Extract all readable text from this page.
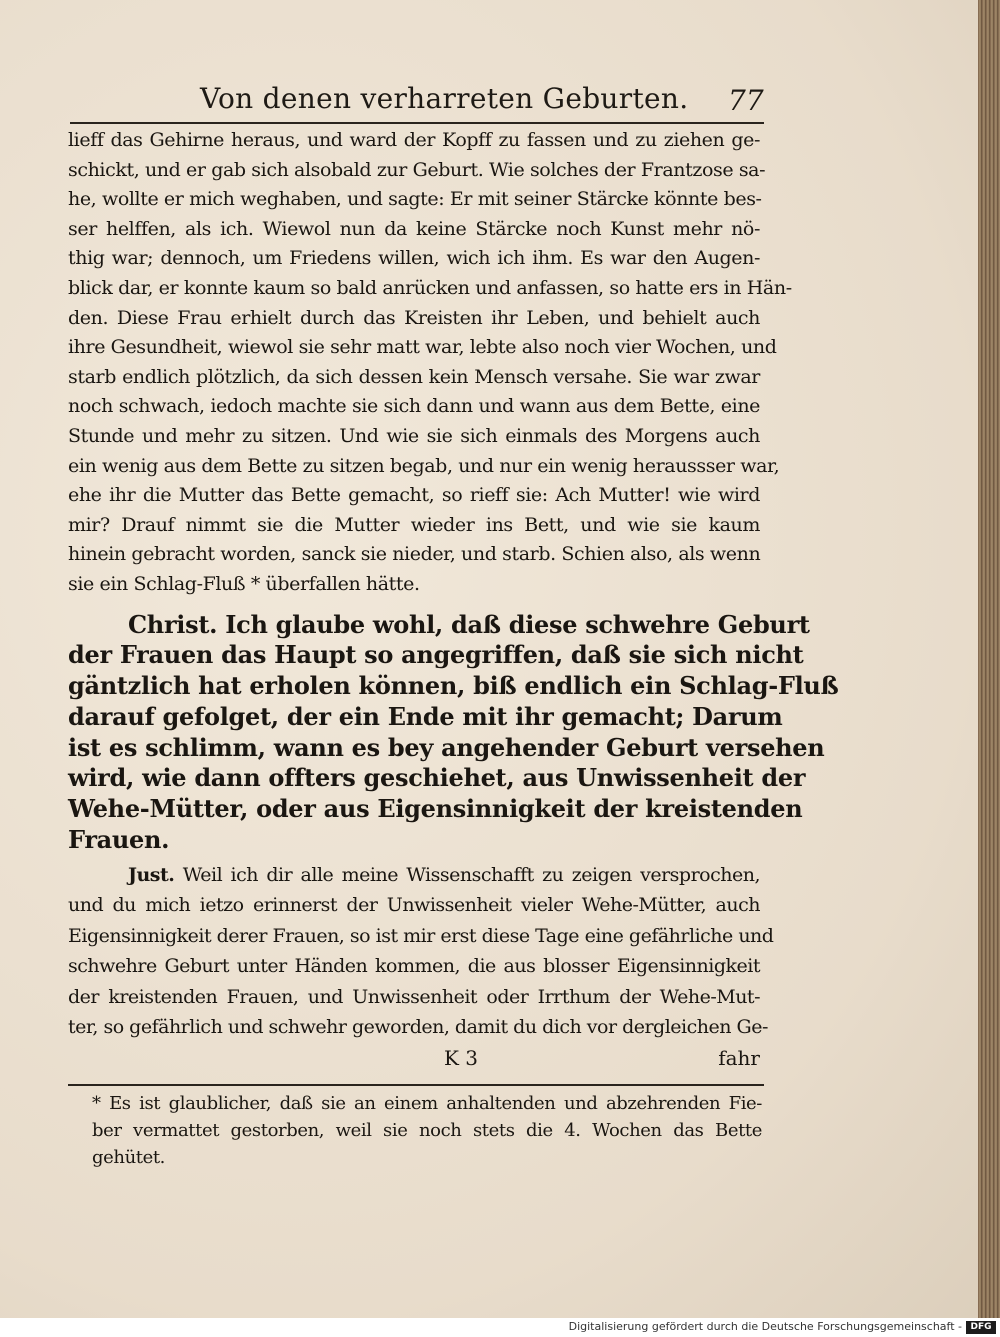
Von denen verharreten Geburten. 77
lieff das Gehirne heraus, und ward der Kopff zu fassen und zu ziehen ge-
schickt, und er gab sich alsobald zur Geburt. Wie solches der Frantzose sa-
he, wollte er mich weghaben, und sagte: Er mit seiner Stärcke könnte bes-
ser helffen, als ich. Wiewol nun da keine Stärcke noch Kunst mehr nö-
thig war; dennoch, um Friedens willen, wich ich ihm. Es war den Augen-
blick dar, er konnte kaum so bald anrücken und anfassen, so hatte ers in Hän-
den. Diese Frau erhielt durch das Kreisten ihr Leben, und behielt auch
ihre Gesundheit, wiewol sie sehr matt war, lebte also noch vier Wochen, und
starb endlich plötzlich, da sich dessen kein Mensch versahe. Sie war zwar
noch schwach, iedoch machte sie sich dann und wann aus dem Bette, eine
Stunde und mehr zu sitzen. Und wie sie sich einmals des Morgens auch
ein wenig aus dem Bette zu sitzen begab, und nur ein wenig heraussser war,
ehe ihr die Mutter das Bette gemacht, so rieff sie: Ach Mutter! wie wird
mir? Drauf nimmt sie die Mutter wieder ins Bett, und wie sie kaum
hinein gebracht worden, sanck sie nieder, und starb. Schien also, als wenn
sie ein Schlag-Fluß * überfallen hätte.
Christ. Ich glaube wohl, daß diese schwehre Geburt
der Frauen das Haupt so angegriffen, daß sie sich nicht
gäntzlich hat erholen können, biß endlich ein Schlag-Fluß
darauf gefolget, der ein Ende mit ihr gemacht; Darum
ist es schlimm, wann es bey angehender Geburt versehen
wird, wie dann offters geschiehet, aus Unwissenheit der
Wehe-Mütter, oder aus Eigensinnigkeit der kreistenden
Frauen.
Just. Weil ich dir alle meine Wissenschafft zu zeigen versprochen,
und du mich ietzo erinnerst der Unwissenheit vieler Wehe-Mütter, auch
Eigensinnigkeit derer Frauen, so ist mir erst diese Tage eine gefährliche und
schwehre Geburt unter Händen kommen, die aus blosser Eigensinnigkeit
der kreistenden Frauen, und Unwissenheit oder Irrthum der Wehe-Mut-
ter, so gefährlich und schwehr geworden, damit du dich vor dergleichen Ge-
K 3	fahr
* Es ist glaublicher, daß sie an einem anhaltenden und abzehrenden Fie-
ber vermattet gestorben, weil sie noch stets die 4. Wochen das Bette
gehütet.
Digitalisierung gefördert durch die Deutsche Forschungsgemeinschaft - DFG
